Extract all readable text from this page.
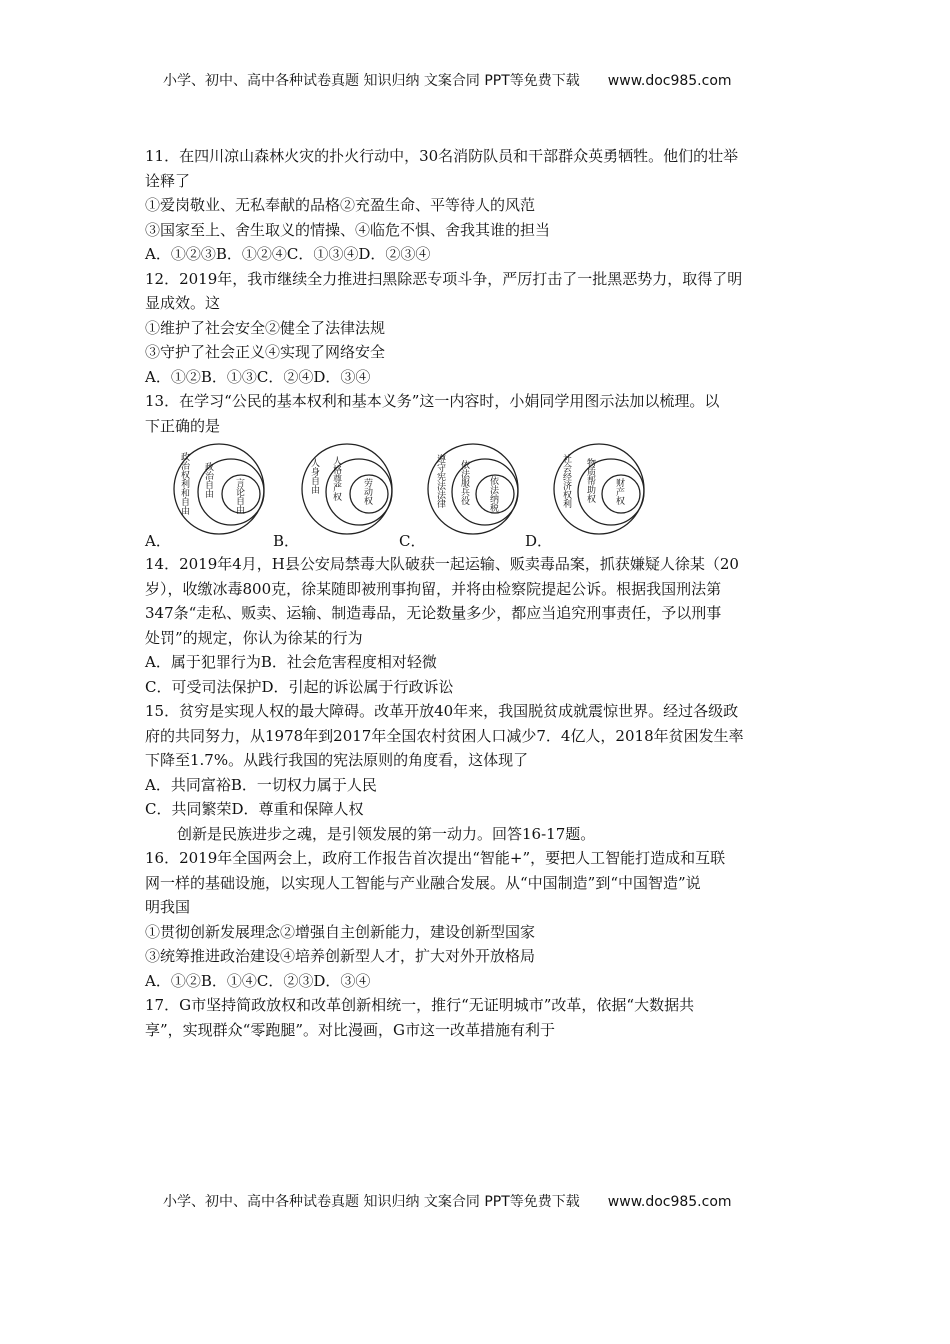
小学、初中、高中各种试卷真题 知识归纳 文案合同 PPT等免费下载 www.doc985.com
11．在四川凉山森林火灾的扑火行动中，30名消防队员和干部群众英勇牺牲。他们的壮举
诠释了
①爱岗敬业、无私奉献的品格②充盈生命、平等待人的风范
③国家至上、舍生取义的情操、④临危不惧、舍我其谁的担当
A．①②③B．①②④C．①③④D．②③④
12．2019年，我市继续全力推进扫黑除恶专项斗争，严厉打击了一批黑恶势力，取得了明
显成效。这
①维护了社会安全②健全了法律法规
③守护了社会正义④实现了网络安全
A．①②B．①③C．②④D．③④
13．在学习“公民的基本权利和基本义务”这一内容时，小娟同学用图示法加以梳理。以
下正确的是
A．
政治权利和自由 政治自由 言论自由
B．
人身自由 人格尊严权 劳动权
C．
遵守宪法法律 依法服兵役 依法纳税
D．
社会经济权利 物质帮助权 财产权
14．2019年4月，H县公安局禁毒大队破获一起运输、贩卖毒品案，抓获嫌疑人徐某（20
岁），收缴冰毒800克，徐某随即被刑事拘留，并将由检察院提起公诉。根据我国刑法第
347条“走私、贩卖、运输、制造毒品，无论数量多少，都应当追究刑事责任，予以刑事
处罚”的规定，你认为徐某的行为
A．属于犯罪行为B．社会危害程度相对轻微
C．可受司法保护D．引起的诉讼属于行政诉讼
15．贫穷是实现人权的最大障碍。改革开放40年来，我国脱贫成就震惊世界。经过各级政
府的共同努力，从1978年到2017年全国农村贫困人口减少7．4亿人，2018年贫困发生率
下降至1.7%。从践行我国的宪法原则的角度看，这体现了
A．共同富裕B．一切权力属于人民
C．共同繁荣D．尊重和保障人权
创新是民族进步之魂，是引领发展的第一动力。回答16-17题。
16．2019年全国两会上，政府工作报告首次提出“智能+”，要把人工智能打造成和互联
网一样的基础设施，以实现人工智能与产业融合发展。从“中国制造”到“中国智造”说
明我国
①贯彻创新发展理念②增强自主创新能力，建设创新型国家
③统筹推进政治建设④培养创新型人才，扩大对外开放格局
A．①②B．①④C．②③D．③④
17．G市坚持简政放权和改革创新相统一，推行“无证明城市”改革，依据“大数据共
享”，实现群众“零跑腿”。对比漫画，G市这一改革措施有利于
小学、初中、高中各种试卷真题 知识归纳 文案合同 PPT等免费下载 www.doc985.com
